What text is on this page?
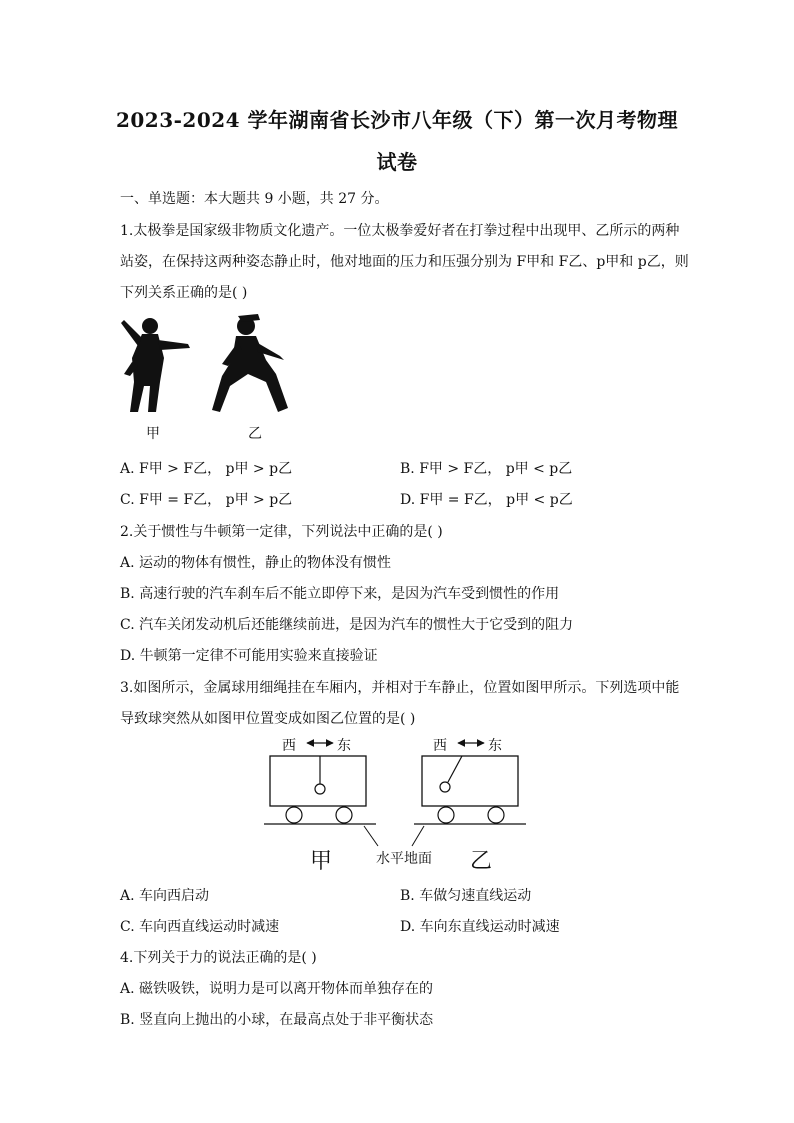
2023-2024 学年湖南省长沙市八年级（下）第一次月考物理
试卷
一、单选题：本大题共 9 小题，共 27 分。
1.太极拳是国家级非物质文化遗产。一位太极拳爱好者在打拳过程中出现甲、乙所示的两种
站姿，在保持这两种姿态静止时，他对地面的压力和压强分别为 F甲和 F乙、p甲和 p乙，则
下列关系正确的是( )
甲	乙
A. F甲 > F乙， p甲 > p乙	B. F甲 > F乙， p甲 < p乙
C. F甲 = F乙， p甲 > p乙	D. F甲 = F乙， p甲 < p乙
2.关于惯性与牛顿第一定律，下列说法中正确的是( )
A. 运动的物体有惯性，静止的物体没有惯性
B. 高速行驶的汽车刹车后不能立即停下来，是因为汽车受到惯性的作用
C. 汽车关闭发动机后还能继续前进，是因为汽车的惯性大于它受到的阻力
D. 牛顿第一定律不可能用实验来直接验证
3.如图所示，金属球用细绳挂在车厢内，并相对于车静止，位置如图甲所示。下列选项中能
导致球突然从如图甲位置变成如图乙位置的是( )
西	东	西	东
水平地面
甲	乙
A. 车向西启动	B. 车做匀速直线运动
C. 车向西直线运动时减速	D. 车向东直线运动时减速
4.下列关于力的说法正确的是( )
A. 磁铁吸铁，说明力是可以离开物体而单独存在的
B. 竖直向上抛出的小球，在最高点处于非平衡状态
